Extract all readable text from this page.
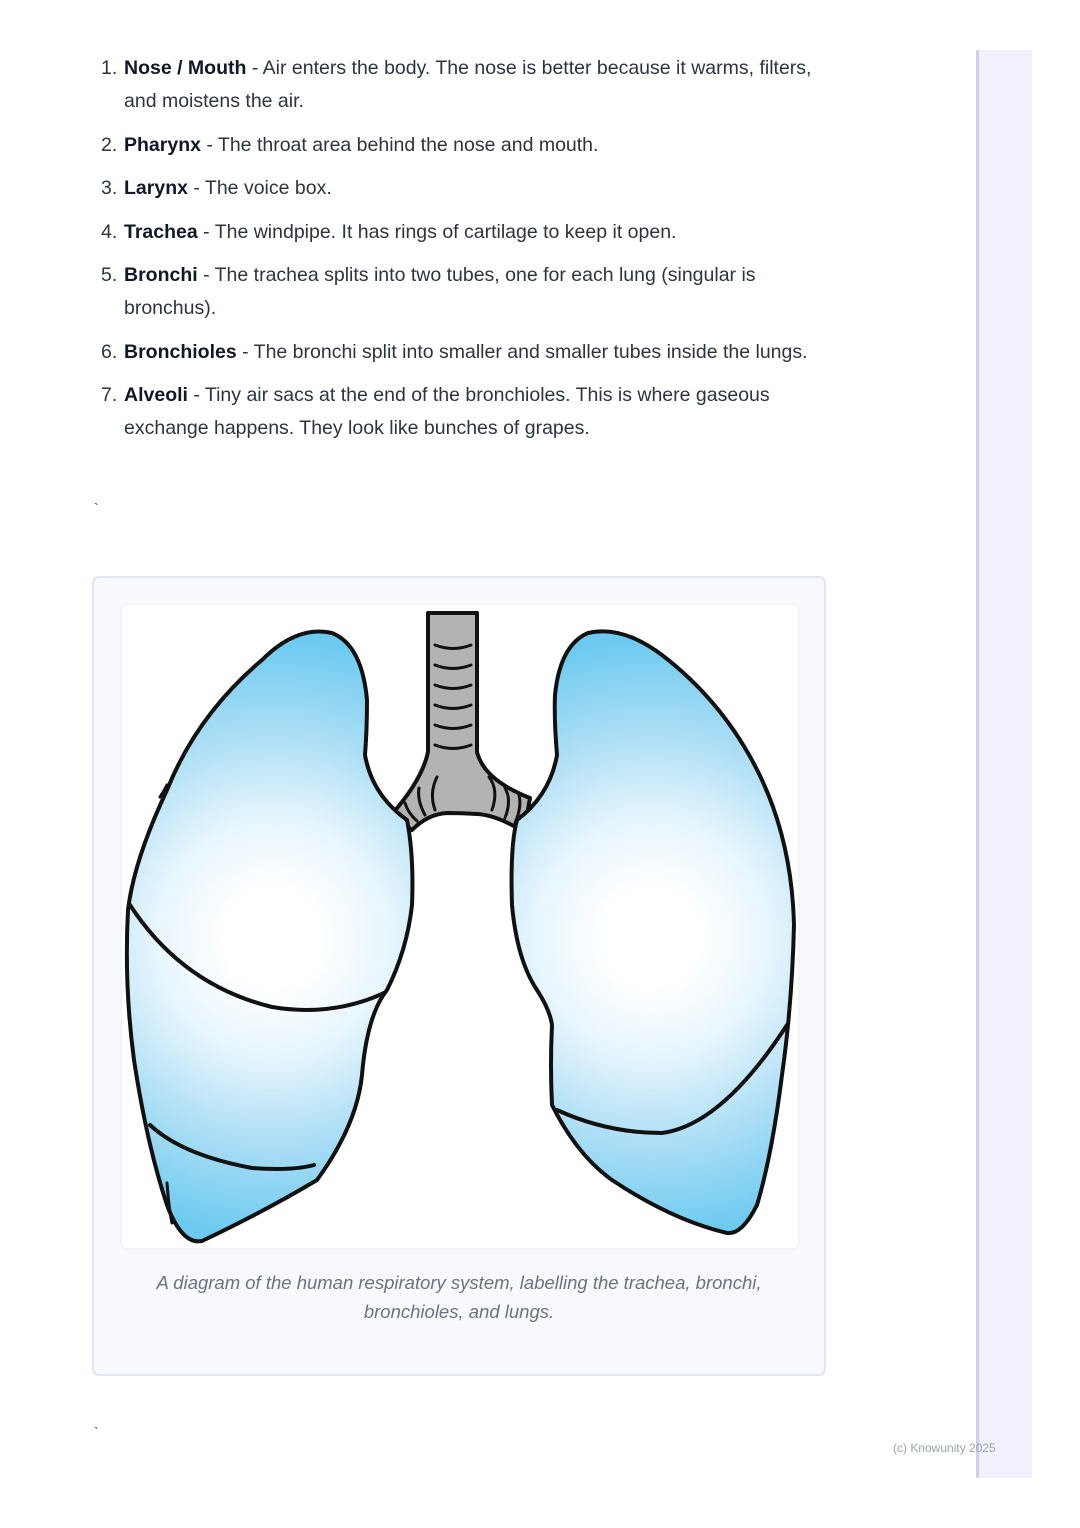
1. Nose / Mouth - Air enters the body. The nose is better because it warms, filters, and moistens the air.
2. Pharynx - The throat area behind the nose and mouth.
3. Larynx - The voice box.
4. Trachea - The windpipe. It has rings of cartilage to keep it open.
5. Bronchi - The trachea splits into two tubes, one for each lung (singular is bronchus).
6. Bronchioles - The bronchi split into smaller and smaller tubes inside the lungs.
7. Alveoli - Tiny air sacs at the end of the bronchioles. This is where gaseous exchange happens. They look like bunches of grapes.
`
`
A diagram of the human respiratory system, labelling the trachea, bronchi, bronchioles, and lungs.
(c) Knowunity 2025
